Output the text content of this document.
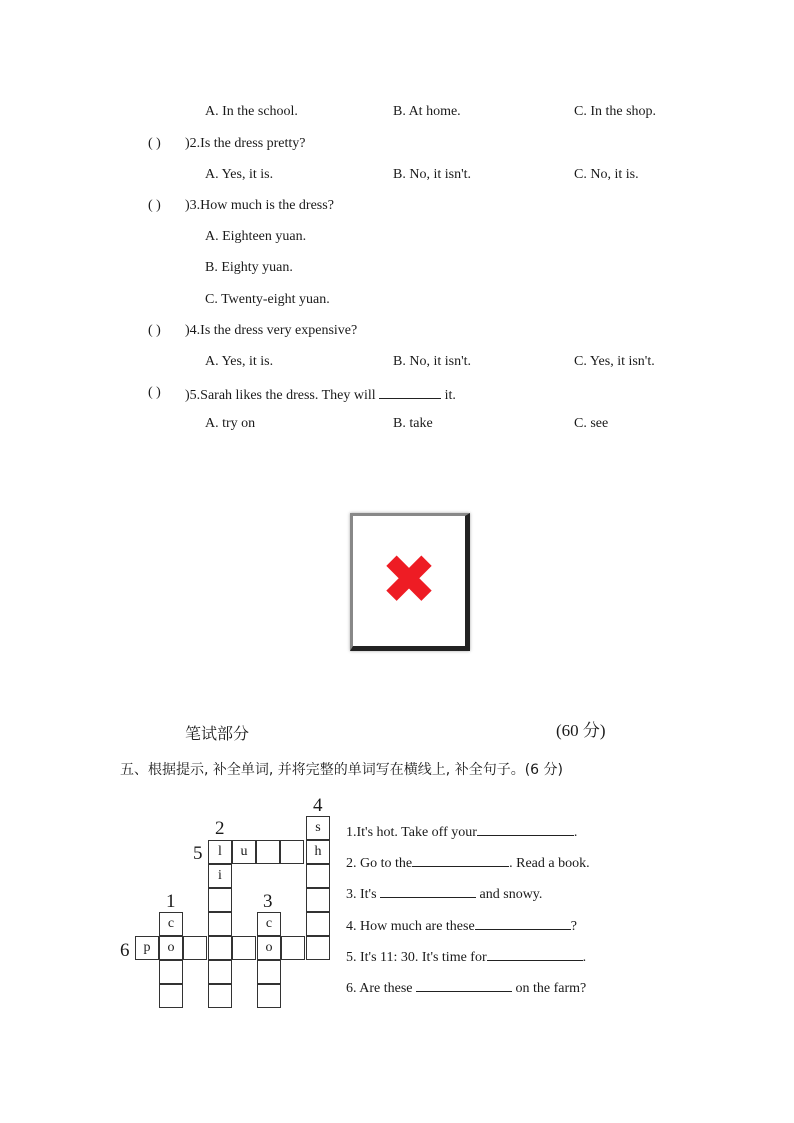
A. In the school.	B. At home.	C. In the shop.
( ) )2.Is the dress pretty?
A. Yes, it is.	B. No, it isn't.	C. No, it is.
( ) )3.How much is the dress?
A. Eighteen yuan.
B. Eighty yuan.
C. Twenty-eight yuan.
( ) )4.Is the dress very expensive?
A. Yes, it is.	B. No, it isn't.	C. Yes, it isn't.
( ) )5.Sarah likes the dress. They will	it.
A. try on	B. take	C. see
✖
笔试部分	(60 分)
五、根据提示, 补全单词, 并将完整的单词写在横线上, 补全句子。(6 分)
4
2
5
1	3
6
s
h
l	u
i
c
o
c
o
p
1.It's hot. Take off your	.
2. Go to the	. Read a book.
3. It's	and snowy.
4. How much are these	?
5. It's 11: 30. It's time for	.
6. Are these	on the farm?
